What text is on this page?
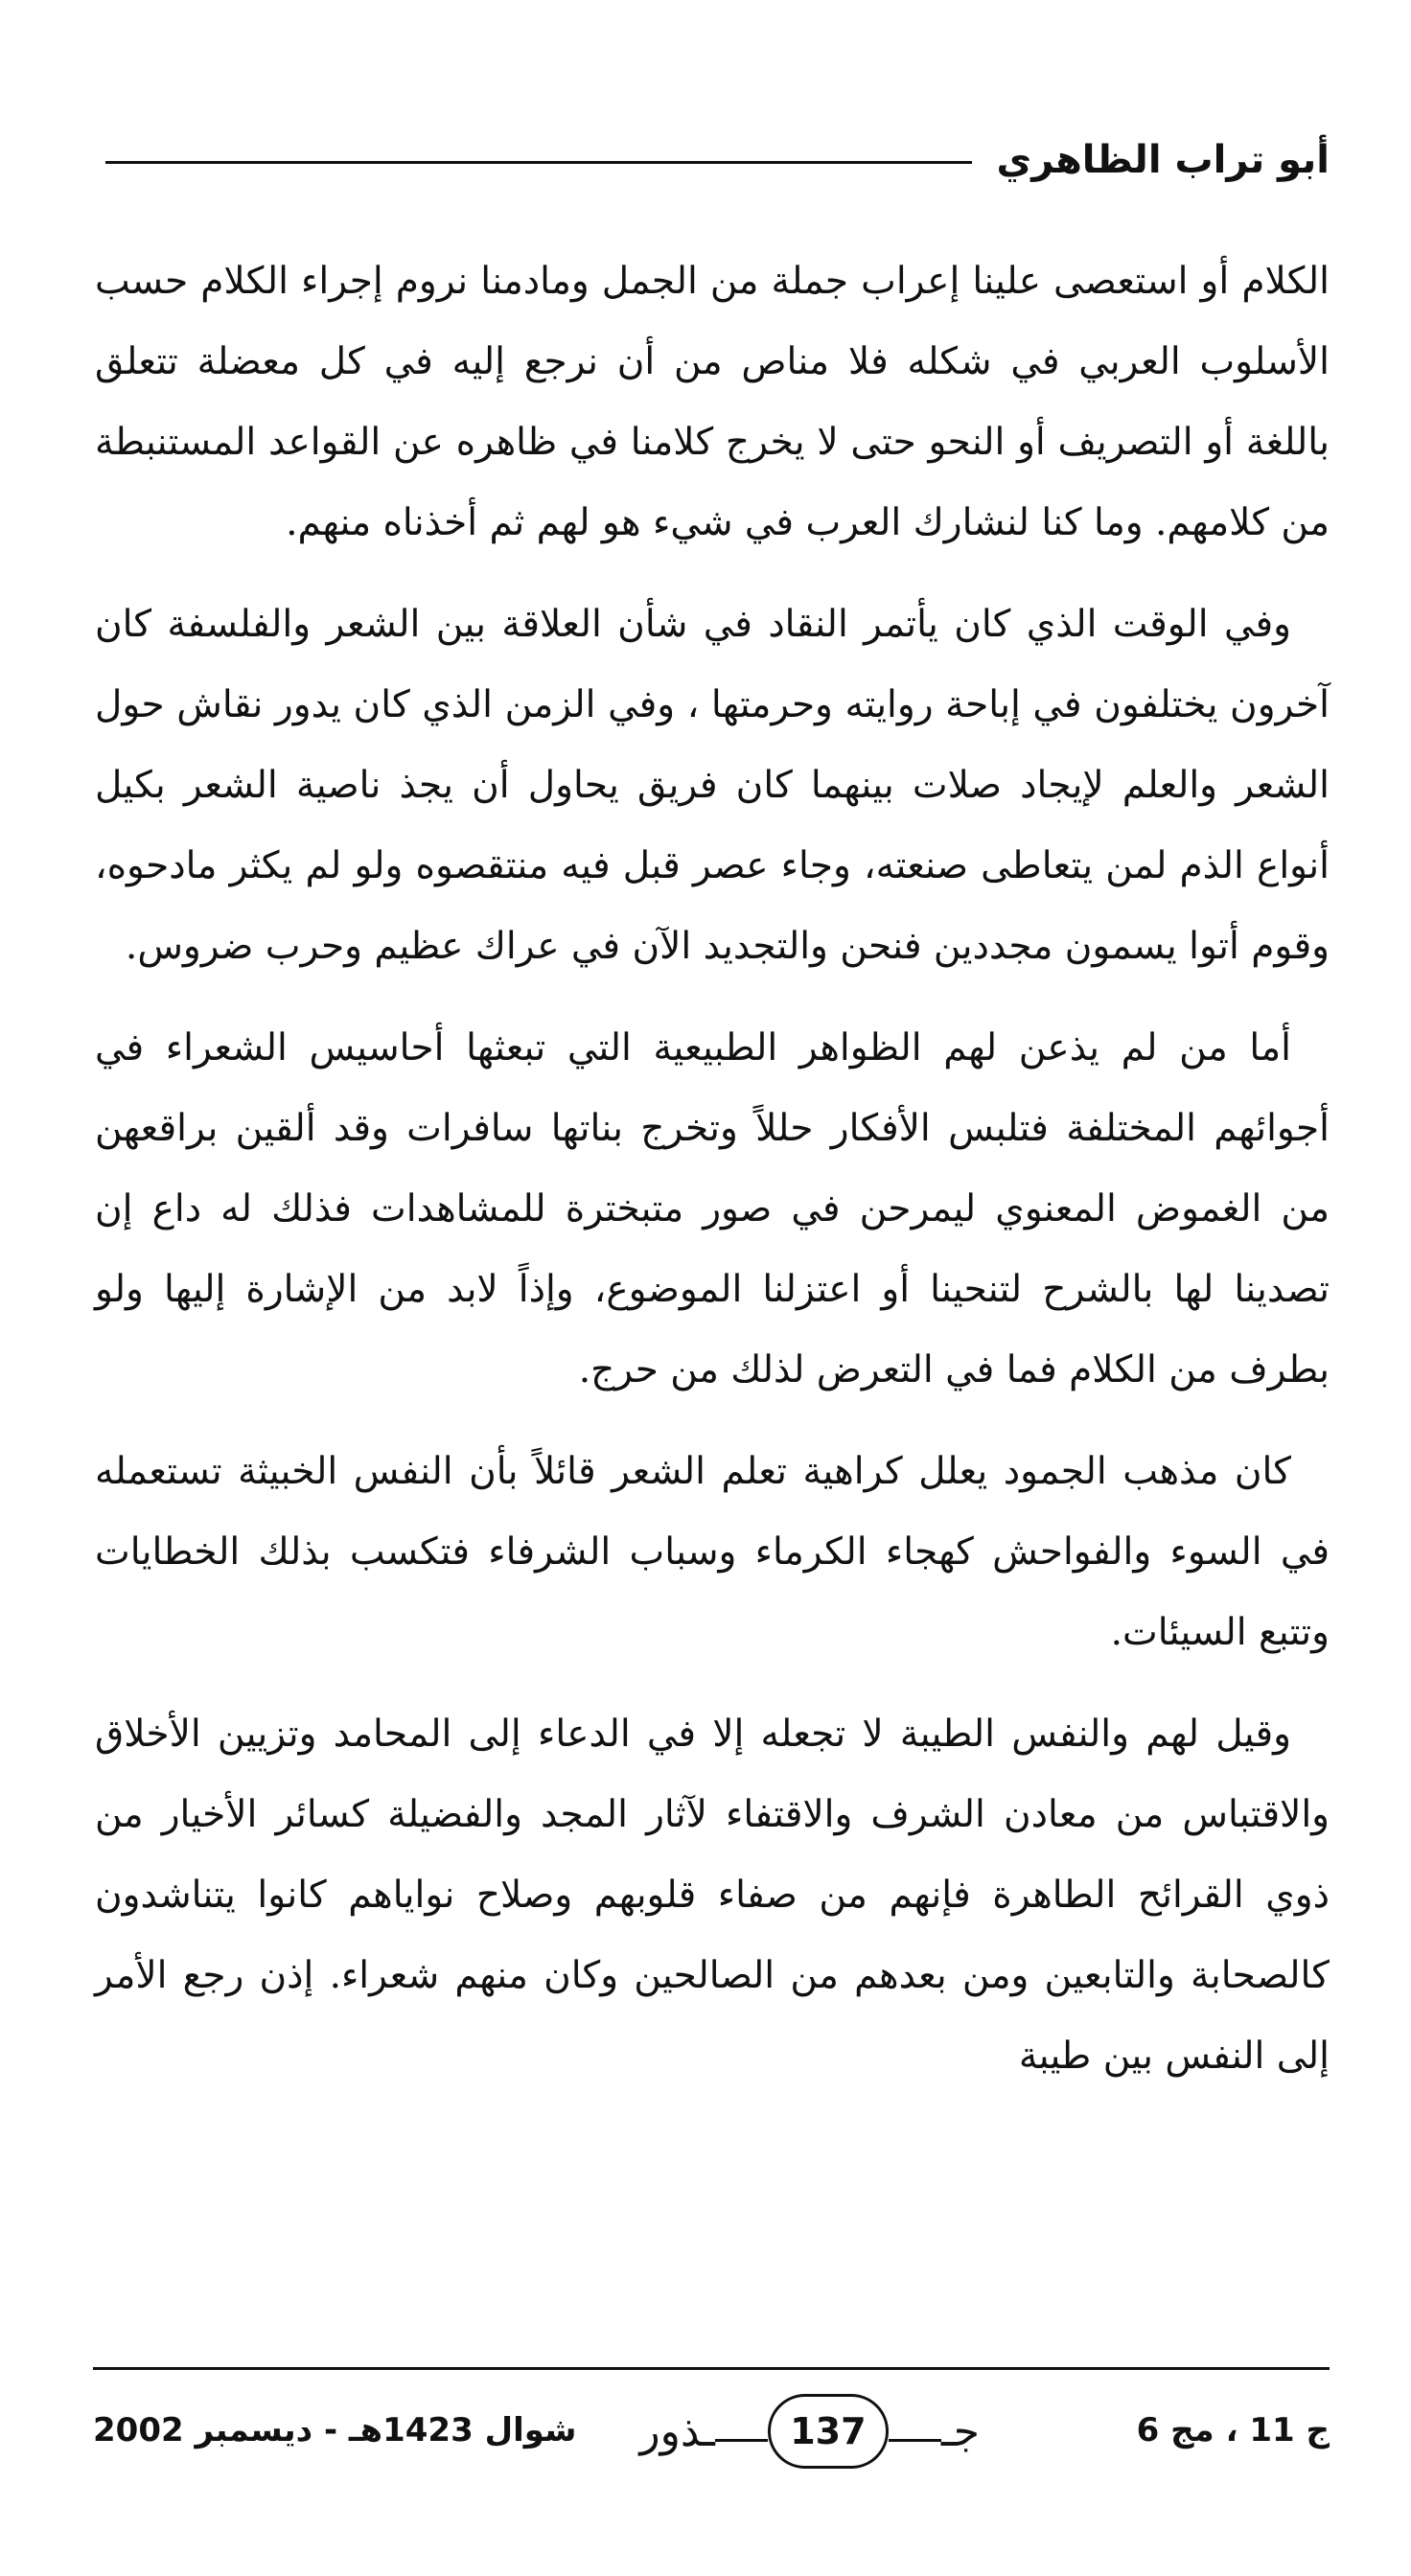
أبو تراب الظاهري

الكلام أو استعصى علينا إعراب جملة من الجمل ومادمنا نروم إجراء الكلام حسب الأسلوب العربي في شكله فلا مناص من أن نرجع إليه في كل معضلة تتعلق باللغة أو التصريف أو النحو حتى لا يخرج كلامنا في ظاهره عن القواعد المستنبطة من كلامهم. وما كنا لنشارك العرب في شيء هو لهم ثم أخذناه منهم.

وفي الوقت الذي كان يأتمر النقاد في شأن العلاقة بين الشعر والفلسفة كان آخرون يختلفون في إباحة روايته وحرمتها ، وفي الزمن الذي كان يدور نقاش حول الشعر والعلم لإيجاد صلات بينهما كان فريق يحاول أن يجذ ناصية الشعر بكيل أنواع الذم لمن يتعاطى صنعته، وجاء عصر قبل فيه منتقصوه ولو لم يكثر مادحوه، وقوم أتوا يسمون مجددين فنحن والتجديد الآن في عراك عظيم وحرب ضروس.

أما من لم يذعن لهم الظواهر الطبيعية التي تبعثها أحاسيس الشعراء في أجوائهم المختلفة فتلبس الأفكار حللاً وتخرج بناتها سافرات وقد ألقين براقعهن من الغموض المعنوي ليمرحن في صور متبخترة للمشاهدات فذلك له داع إن تصدينا لها بالشرح لتنحينا أو اعتزلنا الموضوع، وإذاً لابد من الإشارة إليها ولو بطرف من الكلام فما في التعرض لذلك من حرج.

كان مذهب الجمود يعلل كراهية تعلم الشعر قائلاً بأن النفس الخبيثة تستعمله في السوء والفواحش كهجاء الكرماء وسباب الشرفاء فتكسب بذلك الخطايات وتتبع السيئات.

وقيل لهم والنفس الطيبة لا تجعله إلا في الدعاء إلى المحامد وتزيين الأخلاق والاقتباس من معادن الشرف والاقتفاء لآثار المجد والفضيلة كسائر الأخيار من ذوي القرائح الطاهرة فإنهم من صفاء قلوبهم وصلاح نواياهم كانوا يتناشدون كالصحابة والتابعين ومن بعدهم من الصالحين وكان منهم شعراء. إذن رجع الأمر إلى النفس بين طيبة

ج 11 ، مج 6
جـ
137
ـذور
شوال 1423هـ - ديسمبر 2002
